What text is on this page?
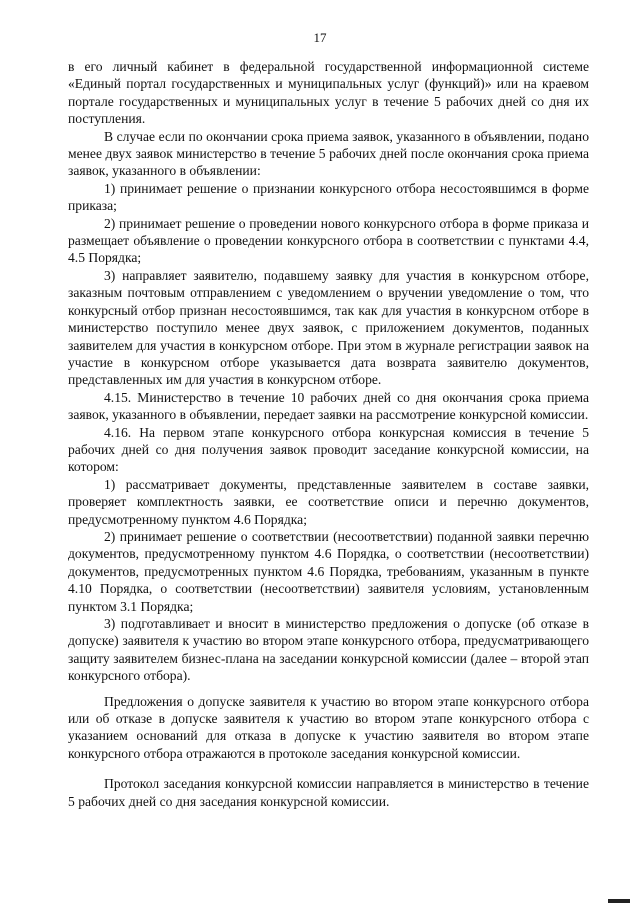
17

в его личный кабинет в федеральной государственной информационной системе «Единый портал государственных и муниципальных услуг (функций)» или на краевом портале государственных и муниципальных услуг в течение 5 рабочих дней со дня их поступления.

В случае если по окончании срока приема заявок, указанного в объявлении, подано менее двух заявок министерство в течение 5 рабочих дней после окончания срока приема заявок, указанного в объявлении:

1) принимает решение о признании конкурсного отбора несостоявшимся в форме приказа;

2) принимает решение о проведении нового конкурсного отбора в форме приказа и размещает объявление о проведении конкурсного отбора в соответствии с пунктами 4.4, 4.5 Порядка;

3) направляет заявителю, подавшему заявку для участия в конкурсном отборе, заказным почтовым отправлением с уведомлением о вручении уведомление о том, что конкурсный отбор признан несостоявшимся, так как для участия в конкурсном отборе в министерство поступило менее двух заявок, с приложением документов, поданных заявителем для участия в конкурсном отборе. При этом в журнале регистрации заявок на участие в конкурсном отборе указывается дата возврата заявителю документов, представленных им для участия в конкурсном отборе.

4.15. Министерство в течение 10 рабочих дней со дня окончания срока приема заявок, указанного в объявлении, передает заявки на рассмотрение конкурсной комиссии.

4.16. На первом этапе конкурсного отбора конкурсная комиссия в течение 5 рабочих дней со дня получения заявок проводит заседание конкурсной комиссии, на котором:

1) рассматривает документы, представленные заявителем в составе заявки, проверяет комплектность заявки, ее соответствие описи и перечню документов, предусмотренному пунктом 4.6 Порядка;

2) принимает решение о соответствии (несоответствии) поданной заявки перечню документов, предусмотренному пунктом 4.6 Порядка, о соответствии (несоответствии) документов, предусмотренных пунктом 4.6 Порядка, требованиям, указанным в пункте 4.10 Порядка, о соответствии (несоответствии) заявителя условиям, установленным пунктом 3.1 Порядка;

3) подготавливает и вносит в министерство предложения о допуске (об отказе в допуске) заявителя к участию во втором этапе конкурсного отбора, предусматривающего защиту заявителем бизнес-плана на заседании конкурсной комиссии (далее – второй этап конкурсного отбора).

Предложения о допуске заявителя к участию во втором этапе конкурсного отбора или об отказе в допуске заявителя к участию во втором этапе конкурсного отбора с указанием оснований для отказа в допуске к участию заявителя во втором этапе конкурсного отбора отражаются в протоколе заседания конкурсной комиссии.

Протокол заседания конкурсной комиссии направляется в министерство в течение 5 рабочих дней со дня заседания конкурсной комиссии.
